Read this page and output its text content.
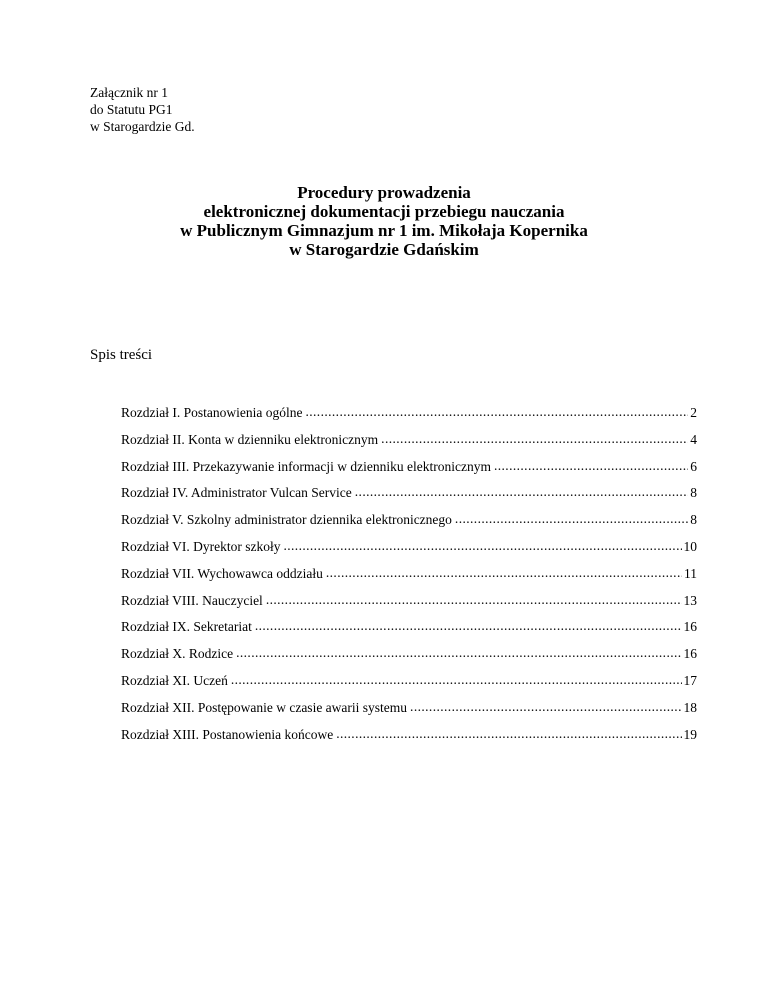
Załącznik nr 1
do Statutu PG1
w Starogardzie Gd.
Procedury prowadzenia
elektronicznej dokumentacji przebiegu nauczania
w Publicznym Gimnazjum nr 1 im. Mikołaja Kopernika
w Starogardzie Gdańskim
Spis treści
Rozdział I. Postanowienia ogólne .....	2
Rozdział II. Konta w dzienniku elektronicznym .....	4
Rozdział III. Przekazywanie informacji w dzienniku elektronicznym .....	6
Rozdział IV. Administrator Vulcan Service .....	8
Rozdział V. Szkolny administrator dziennika elektronicznego .....	8
Rozdział VI. Dyrektor szkoły .....	10
Rozdział VII. Wychowawca oddziału .....	11
Rozdział VIII. Nauczyciel .....	13
Rozdział IX. Sekretariat .....	16
Rozdział X. Rodzice .....	16
Rozdział XI. Uczeń .....	17
Rozdział XII. Postępowanie w czasie awarii systemu .....	18
Rozdział XIII. Postanowienia końcowe .....	19
